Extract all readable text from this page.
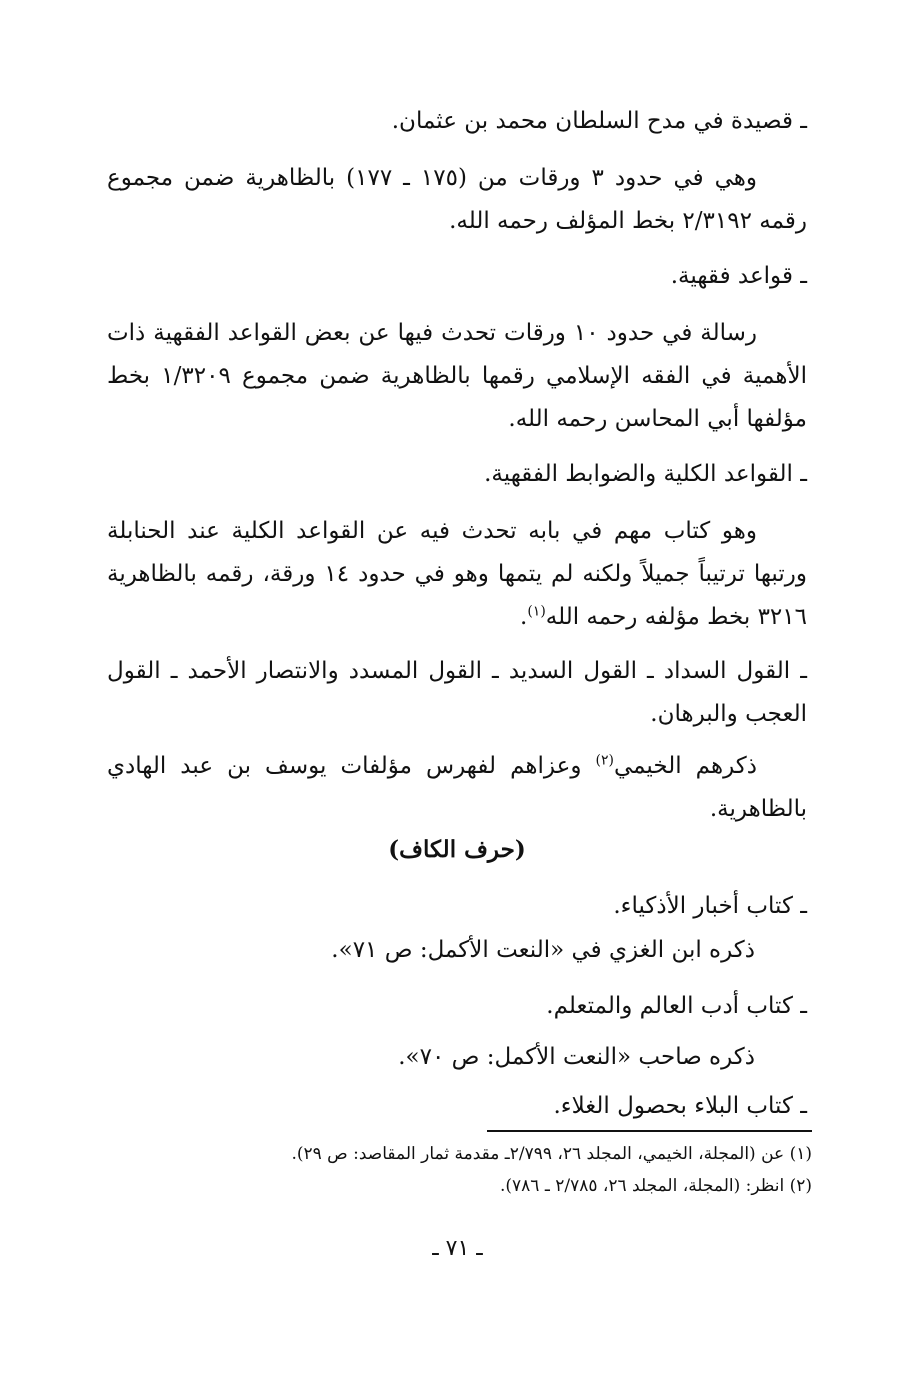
ـ قصيدة في مدح السلطان محمد بن عثمان.

وهي في حدود ٣ ورقات من (١٧٥ ـ ١٧٧) بالظاهرية ضمن مجموع رقمه ٢/٣١٩٢ بخط المؤلف رحمه الله.

ـ قواعد فقهية.

رسالة في حدود ١٠ ورقات تحدث فيها عن بعض القواعد الفقهية ذات الأهمية في الفقه الإسلامي رقمها بالظاهرية ضمن مجموع ١/٣٢٠٩ بخط مؤلفها أبي المحاسن رحمه الله.

ـ القواعد الكلية والضوابط الفقهية.

وهو كتاب مهم في بابه تحدث فيه عن القواعد الكلية عند الحنابلة ورتبها ترتيباً جميلاً ولكنه لم يتمها وهو في حدود ١٤ ورقة، رقمه بالظاهرية ٣٢١٦ بخط مؤلفه رحمه الله$^{(١)}$.

ـ القول السداد ـ القول السديد ـ القول المسدد والانتصار الأحمد ـ القول العجب والبرهان.

ذكرهم الخيمي$^{(٢)}$ وعزاهم لفهرس مؤلفات يوسف بن عبد الهادي بالظاهرية.

(حرف الكاف)

ـ كتاب أخبار الأذكياء.

ذكره ابن الغزي في «النعت الأكمل: ص ٧١».

ـ كتاب أدب العالم والمتعلم.

ذكره صاحب «النعت الأكمل: ص ٧٠».

ـ كتاب البلاء بحصول الغلاء.

(١) عن (المجلة، الخيمي، المجلد ٢٦، ٢/٧٩٩ـ مقدمة ثمار المقاصد: ص ٢٩).

(٢) انظر: (المجلة، المجلد ٢٦، ٢/٧٨٥ ـ ٧٨٦).

ـ ٧١ ـ
